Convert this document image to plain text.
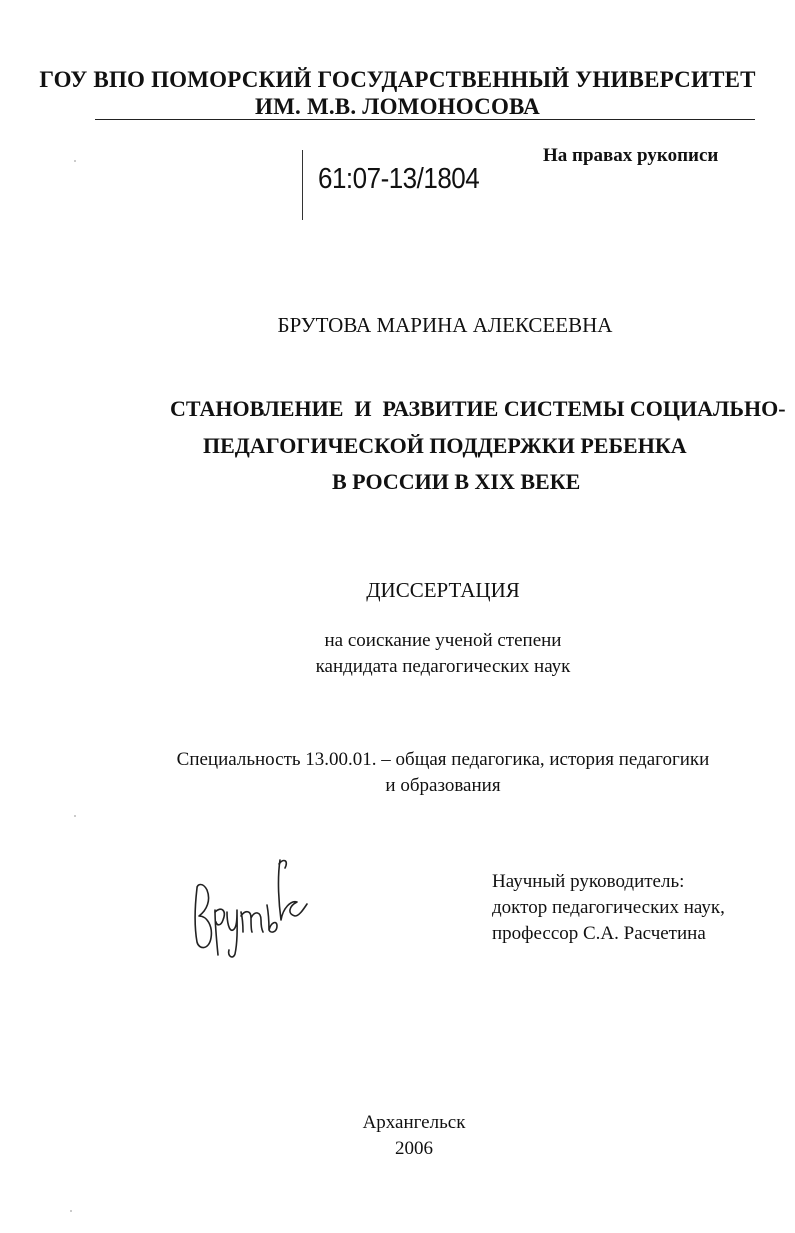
ГОУ ВПО ПОМОРСКИЙ ГОСУДАРСТВЕННЫЙ УНИВЕРСИТЕТ
ИМ. М.В. ЛОМОНОСОВА
61:07-13/1804
На правах рукописи
БРУТОВА МАРИНА АЛЕКСЕЕВНА
СТАНОВЛЕНИЕ  И  РАЗВИТИЕ СИСТЕМЫ СОЦИАЛЬНО-
ПЕДАГОГИЧЕСКОЙ ПОДДЕРЖКИ РЕБЕНКА
В РОССИИ В XIX ВЕКЕ
ДИССЕРТАЦИЯ
на соискание ученой степени
кандидата педагогических наук
Специальность 13.00.01. – общая педагогика, история педагогики
и образования
Научный руководитель:
доктор педагогических наук,
профессор С.А. Расчетина
Архангельск
2006
